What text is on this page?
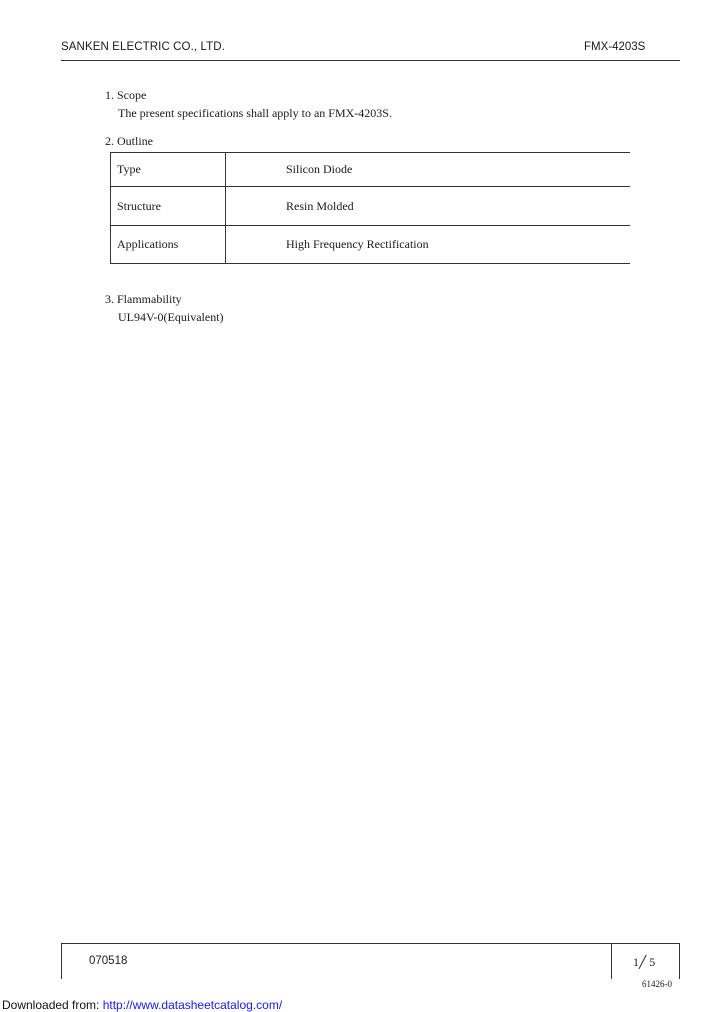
SANKEN ELECTRIC CO., LTD.	FMX-4203S
1. Scope
The present specifications shall apply to an FMX-4203S.
2. Outline
Type	Silicon Diode
Structure	Resin Molded
Applications	High Frequency Rectification
3. Flammability
UL94V-0(Equivalent)
070518	1╱ 5
61426-0
Downloaded from: http://www.datasheetcatalog.com/
